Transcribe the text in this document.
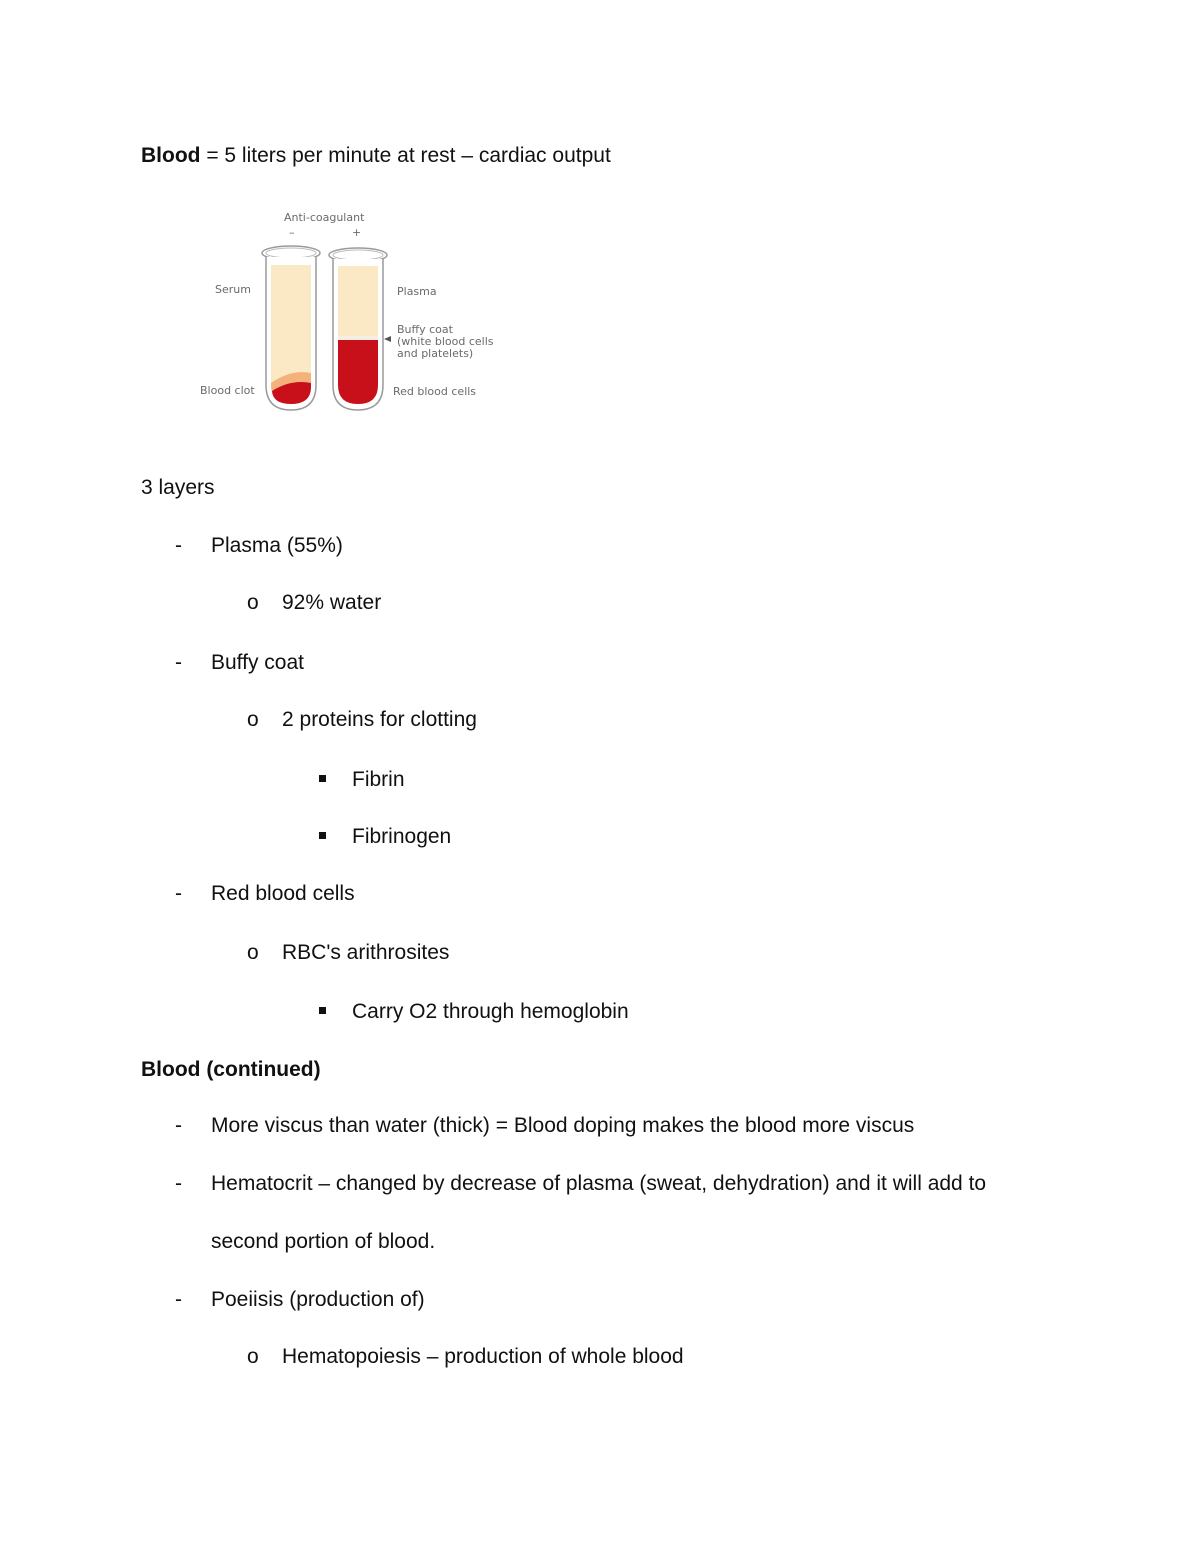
Blood = 5 liters per minute at rest – cardiac output
Anti-coagulant
–	+
Serum
Blood clot
Plasma
Buffy coat
(white blood cells
and platelets)
Red blood cells
3 layers
- Plasma (55%)
o 92% water
- Buffy coat
o 2 proteins for clotting
Fibrin
Fibrinogen
- Red blood cells
o RBC's arithrosites
Carry O2 through hemoglobin
Blood (continued)
- More viscus than water (thick) = Blood doping makes the blood more viscus
- Hematocrit – changed by decrease of plasma (sweat, dehydration) and it will add to
second portion of blood.
- Poeiisis (production of)
o Hematopoiesis – production of whole blood
